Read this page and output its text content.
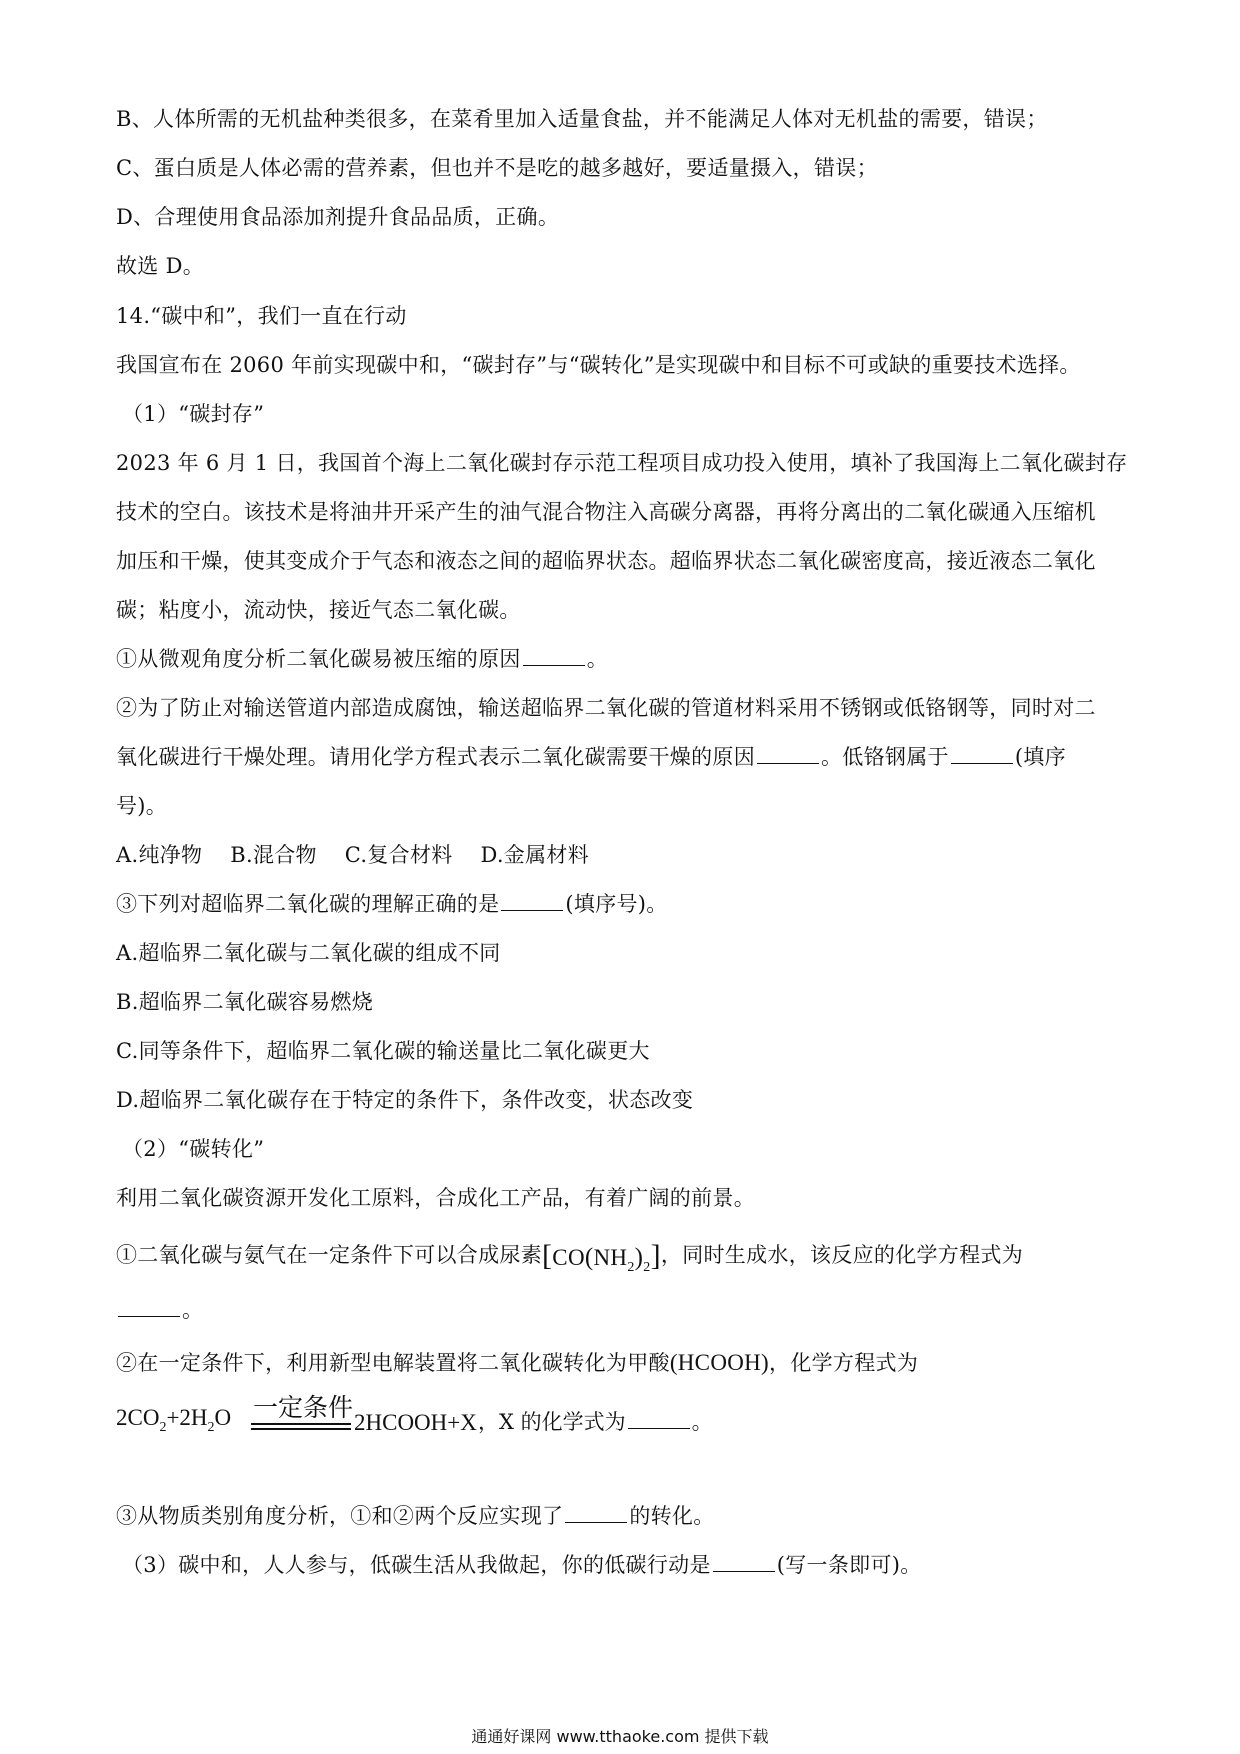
B、人体所需的无机盐种类很多，在菜肴里加入适量食盐，并不能满足人体对无机盐的需要，错误；
C、蛋白质是人体必需的营养素，但也并不是吃的越多越好，要适量摄入，错误；
D、合理使用食品添加剂提升食品品质，正确。
故选 D。
14.“碳中和”，我们一直在行动
我国宣布在 2060 年前实现碳中和，“碳封存”与“碳转化”是实现碳中和目标不可或缺的重要技术选择。
（1）“碳封存”
2023 年 6 月 1 日，我国首个海上二氧化碳封存示范工程项目成功投入使用，填补了我国海上二氧化碳封存
技术的空白。该技术是将油井开采产生的油气混合物注入高碳分离器，再将分离出的二氧化碳通入压缩机
加压和干燥，使其变成介于气态和液态之间的超临界状态。超临界状态二氧化碳密度高，接近液态二氧化
碳；粘度小，流动快，接近气态二氧化碳。
①从微观角度分析二氧化碳易被压缩的原因	。
②为了防止对输送管道内部造成腐蚀，输送超临界二氧化碳的管道材料采用不锈钢或低铬钢等，同时对二
氧化碳进行干燥处理。请用化学方程式表示二氧化碳需要干燥的原因	。低铬钢属于	(填序
号)。
A.纯净物    B.混合物    C.复合材料    D.金属材料
③下列对超临界二氧化碳的理解正确的是	(填序号)。
A.超临界二氧化碳与二氧化碳的组成不同
B.超临界二氧化碳容易燃烧
C.同等条件下，超临界二氧化碳的输送量比二氧化碳更大
D.超临界二氧化碳存在于特定的条件下，条件改变，状态改变
（2）“碳转化”
利用二氧化碳资源开发化工原料，合成化工产品，有着广阔的前景。
①二氧化碳与氨气在一定条件下可以合成尿素$[CO(NH_2)_2]$，同时生成水，该反应的化学方程式为
。
②在一定条件下，利用新型电解装置将二氧化碳转化为甲酸(HCOOH)，化学方程式为
$2CO_2+2H_2O$ 一定条件
2HCOOH+X ，X 的化学式为	。
③从物质类别角度分析，①和②两个反应实现了	的转化。
（3）碳中和，人人参与，低碳生活从我做起，你的低碳行动是	(写一条即可)。
通通好课网 www.tthaoke.com 提供下载
